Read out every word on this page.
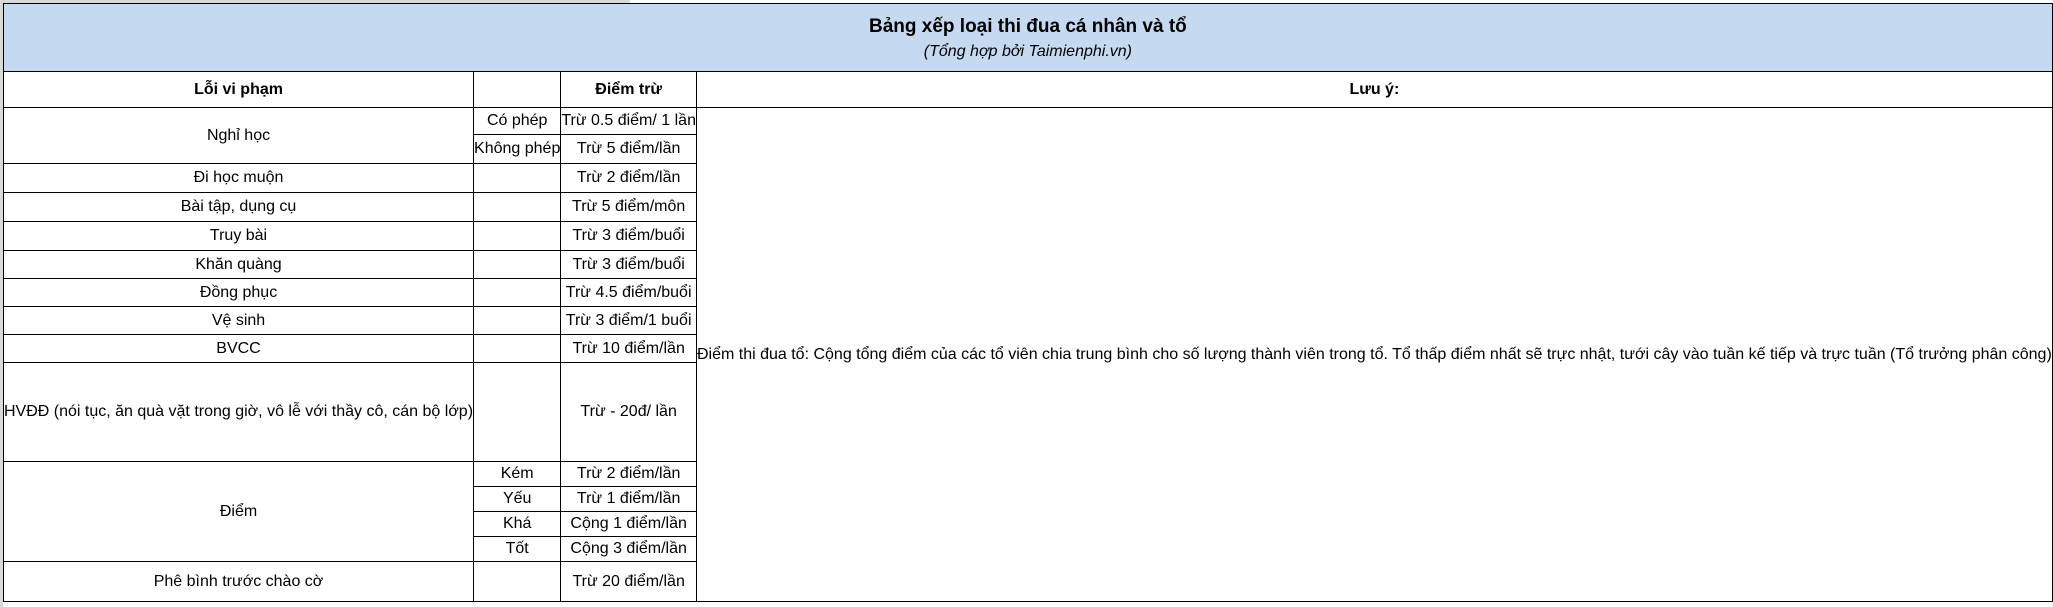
Bảng xếp loại thi đua cá nhân và tổ
(Tổng hợp bởi Taimienphi.vn)			

Lỗi vi phạm		Điểm trừ	Lưu ý:
Nghỉ học	Có phép	Trừ 0.5 điểm/ 1 lần	Điểm thi đua tổ: Cộng tổng điểm của các tổ viên chia trung bình cho số lượng thành viên trong tổ. Tổ thấp điểm nhất sẽ trực nhật, tưới cây vào tuần kế tiếp và trực tuần (Tổ trưởng phân công)
	Không phép	Trừ 5 điểm/lần	
Đi học muộn		Trừ 2 điểm/lần	
Bài tập, dụng cụ		Trừ 5 điểm/môn	
Truy bài		Trừ 3 điểm/buổi	
Khăn quàng		Trừ 3 điểm/buổi	
Đồng phục		Trừ 4.5 điểm/buổi	
Vệ sinh		Trừ 3 điểm/1 buổi	
BVCC		Trừ 10 điểm/lần	
HVĐĐ (nói tục, ăn quà vặt trong giờ, vô lễ với thầy cô, cán bộ lớp)		Trừ - 20đ/ lần	
Điểm	Kém	Trừ 2 điểm/lần	
	Yếu	Trừ 1 điểm/lần	
	Khá	Cộng 1 điểm/lần	
	Tốt	Cộng 3 điểm/lần	
Phê bình trước chào cờ		Trừ 20 điểm/lần	
